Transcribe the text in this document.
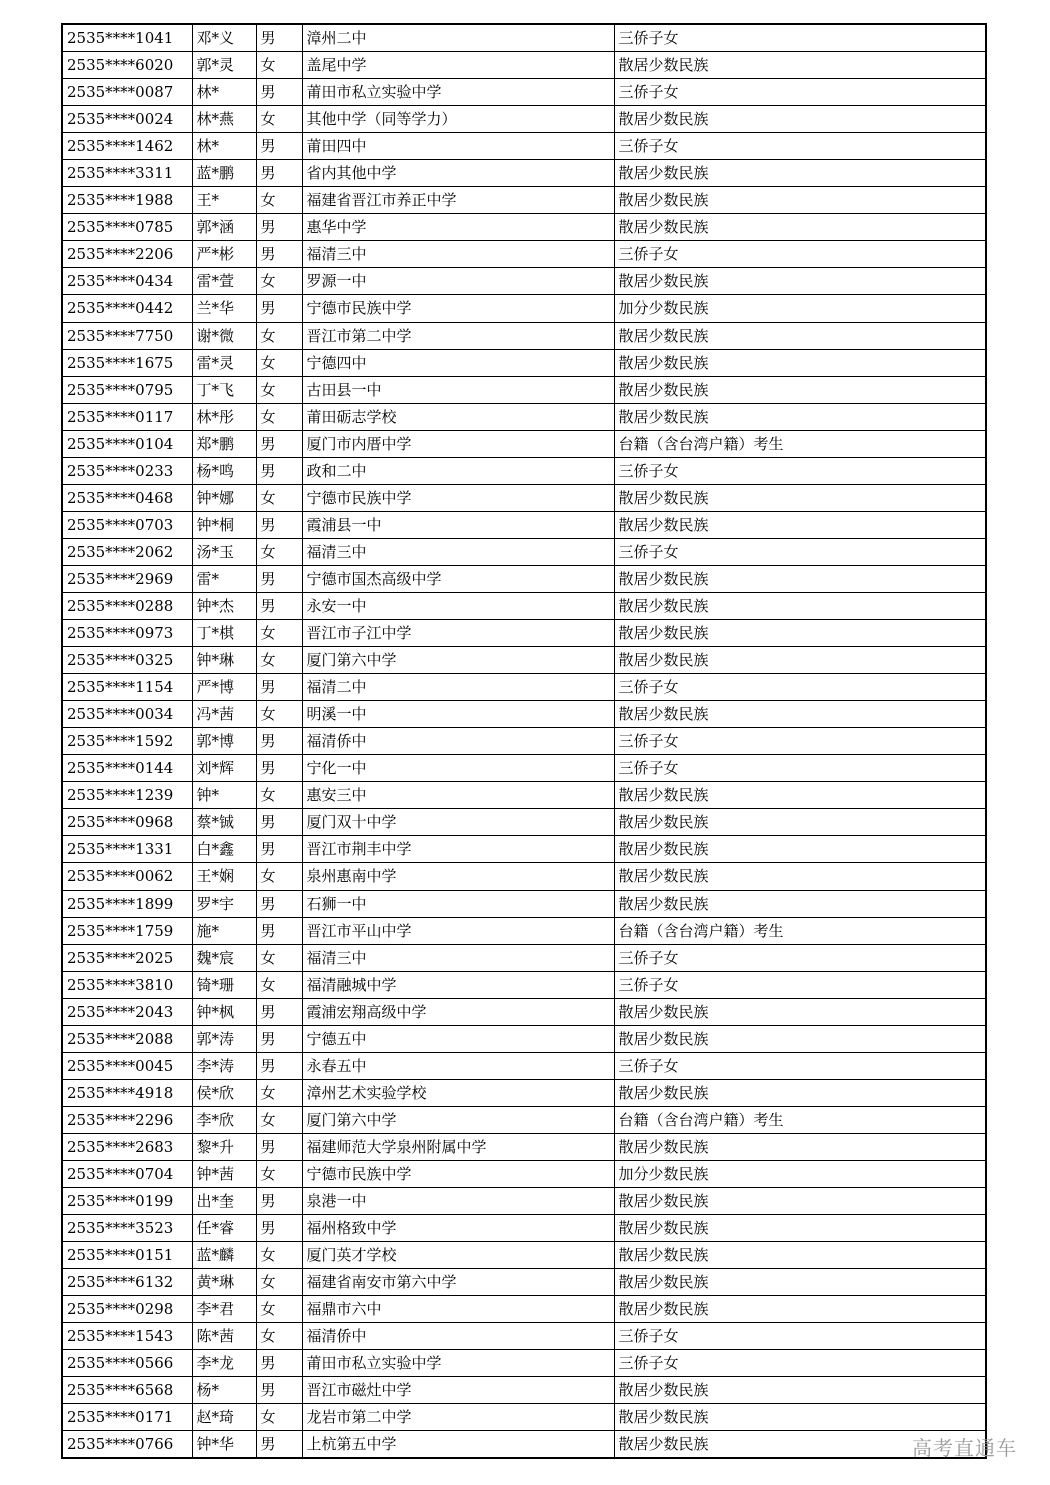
2535****1041	邓*义	男	漳州二中	三侨子女
2535****6020	郭*灵	女	盖尾中学	散居少数民族
2535****0087	林*	男	莆田市私立实验中学	三侨子女
2535****0024	林*燕	女	其他中学（同等学力）	散居少数民族
2535****1462	林*	男	莆田四中	三侨子女
2535****3311	蓝*鹏	男	省内其他中学	散居少数民族
2535****1988	王*	女	福建省晋江市养正中学	散居少数民族
2535****0785	郭*涵	男	惠华中学	散居少数民族
2535****2206	严*彬	男	福清三中	三侨子女
2535****0434	雷*萱	女	罗源一中	散居少数民族
2535****0442	兰*华	男	宁德市民族中学	加分少数民族
2535****7750	谢*微	女	晋江市第二中学	散居少数民族
2535****1675	雷*灵	女	宁德四中	散居少数民族
2535****0795	丁*飞	女	古田县一中	散居少数民族
2535****0117	林*彤	女	莆田砺志学校	散居少数民族
2535****0104	郑*鹏	男	厦门市内厝中学	台籍（含台湾户籍）考生
2535****0233	杨*鸣	男	政和二中	三侨子女
2535****0468	钟*娜	女	宁德市民族中学	散居少数民族
2535****0703	钟*桐	男	霞浦县一中	散居少数民族
2535****2062	汤*玉	女	福清三中	三侨子女
2535****2969	雷*	男	宁德市国杰高级中学	散居少数民族
2535****0288	钟*杰	男	永安一中	散居少数民族
2535****0973	丁*棋	女	晋江市子江中学	散居少数民族
2535****0325	钟*琳	女	厦门第六中学	散居少数民族
2535****1154	严*博	男	福清二中	三侨子女
2535****0034	冯*茜	女	明溪一中	散居少数民族
2535****1592	郭*博	男	福清侨中	三侨子女
2535****0144	刘*辉	男	宁化一中	三侨子女
2535****1239	钟*	女	惠安三中	散居少数民族
2535****0968	蔡*铖	男	厦门双十中学	散居少数民族
2535****1331	白*鑫	男	晋江市荆丰中学	散居少数民族
2535****0062	王*娴	女	泉州惠南中学	散居少数民族
2535****1899	罗*宇	男	石狮一中	散居少数民族
2535****1759	施*	男	晋江市平山中学	台籍（含台湾户籍）考生
2535****2025	魏*宸	女	福清三中	三侨子女
2535****3810	锜*珊	女	福清融城中学	三侨子女
2535****2043	钟*枫	男	霞浦宏翔高级中学	散居少数民族
2535****2088	郭*涛	男	宁德五中	散居少数民族
2535****0045	李*涛	男	永春五中	三侨子女
2535****4918	侯*欣	女	漳州艺术实验学校	散居少数民族
2535****2296	李*欣	女	厦门第六中学	台籍（含台湾户籍）考生
2535****2683	黎*升	男	福建师范大学泉州附属中学	散居少数民族
2535****0704	钟*茜	女	宁德市民族中学	加分少数民族
2535****0199	出*奎	男	泉港一中	散居少数民族
2535****3523	任*睿	男	福州格致中学	散居少数民族
2535****0151	蓝*麟	女	厦门英才学校	散居少数民族
2535****6132	黄*琳	女	福建省南安市第六中学	散居少数民族
2535****0298	李*君	女	福鼎市六中	散居少数民族
2535****1543	陈*茜	女	福清侨中	三侨子女
2535****0566	李*龙	男	莆田市私立实验中学	三侨子女
2535****6568	杨*	男	晋江市磁灶中学	散居少数民族
2535****0171	赵*琦	女	龙岩市第二中学	散居少数民族
2535****0766	钟*华	男	上杭第五中学	散居少数民族	高考直通车
